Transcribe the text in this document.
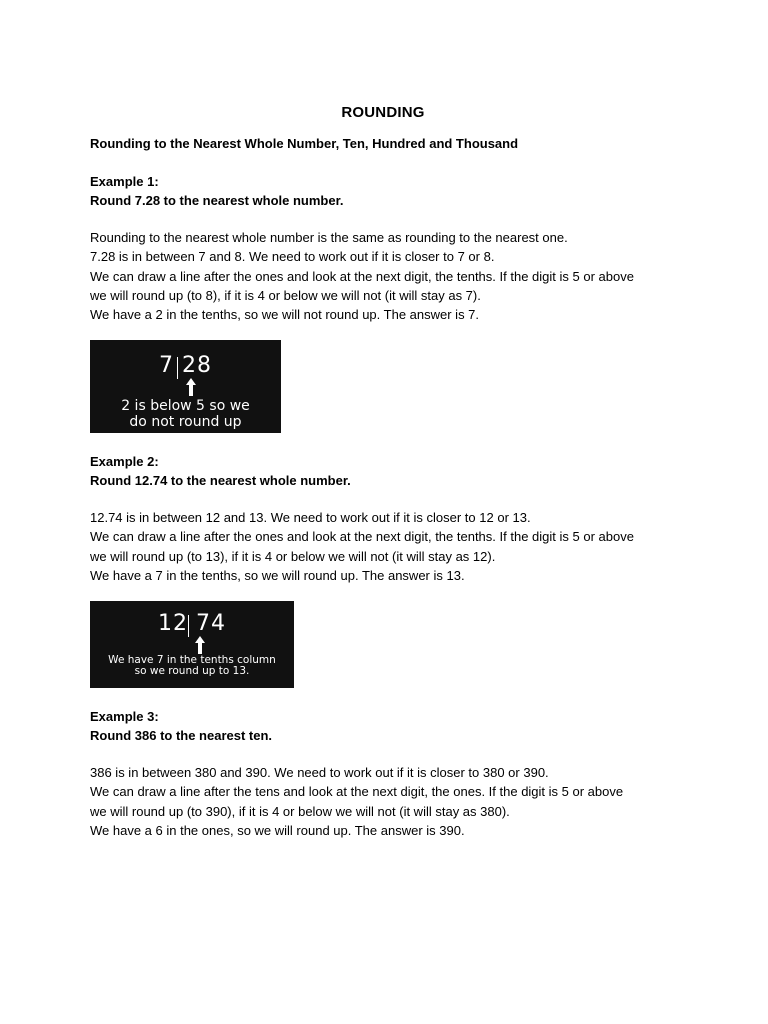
ROUNDING
Rounding to the Nearest Whole Number, Ten, Hundred and Thousand
Example 1:
Round 7.28 to the nearest whole number.
Rounding to the nearest whole number is the same as rounding to the nearest one.
7.28 is in between 7 and 8. We need to work out if it is closer to 7 or 8.
We can draw a line after the ones and look at the next digit, the tenths. If the digit is 5 or above
we will round up (to 8), if it is 4 or below we will not (it will stay as 7).
We have a 2 in the tenths, so we will not round up. The answer is 7.
7 28
2 is below 5 so we
do not round up
Example 2:
Round 12.74 to the nearest whole number.
12.74 is in between 12 and 13. We need to work out if it is closer to 12 or 13.
We can draw a line after the ones and look at the next digit, the tenths. If the digit is 5 or above
we will round up (to 13), if it is 4 or below we will not (it will stay as 12).
We have a 7 in the tenths, so we will round up. The answer is 13.
12 74
We have 7 in the tenths column
so we round up to 13.
Example 3:
Round 386 to the nearest ten.
386 is in between 380 and 390. We need to work out if it is closer to 380 or 390.
We can draw a line after the tens and look at the next digit, the ones. If the digit is 5 or above
we will round up (to 390), if it is 4 or below we will not (it will stay as 380).
We have a 6 in the ones, so we will round up. The answer is 390.
